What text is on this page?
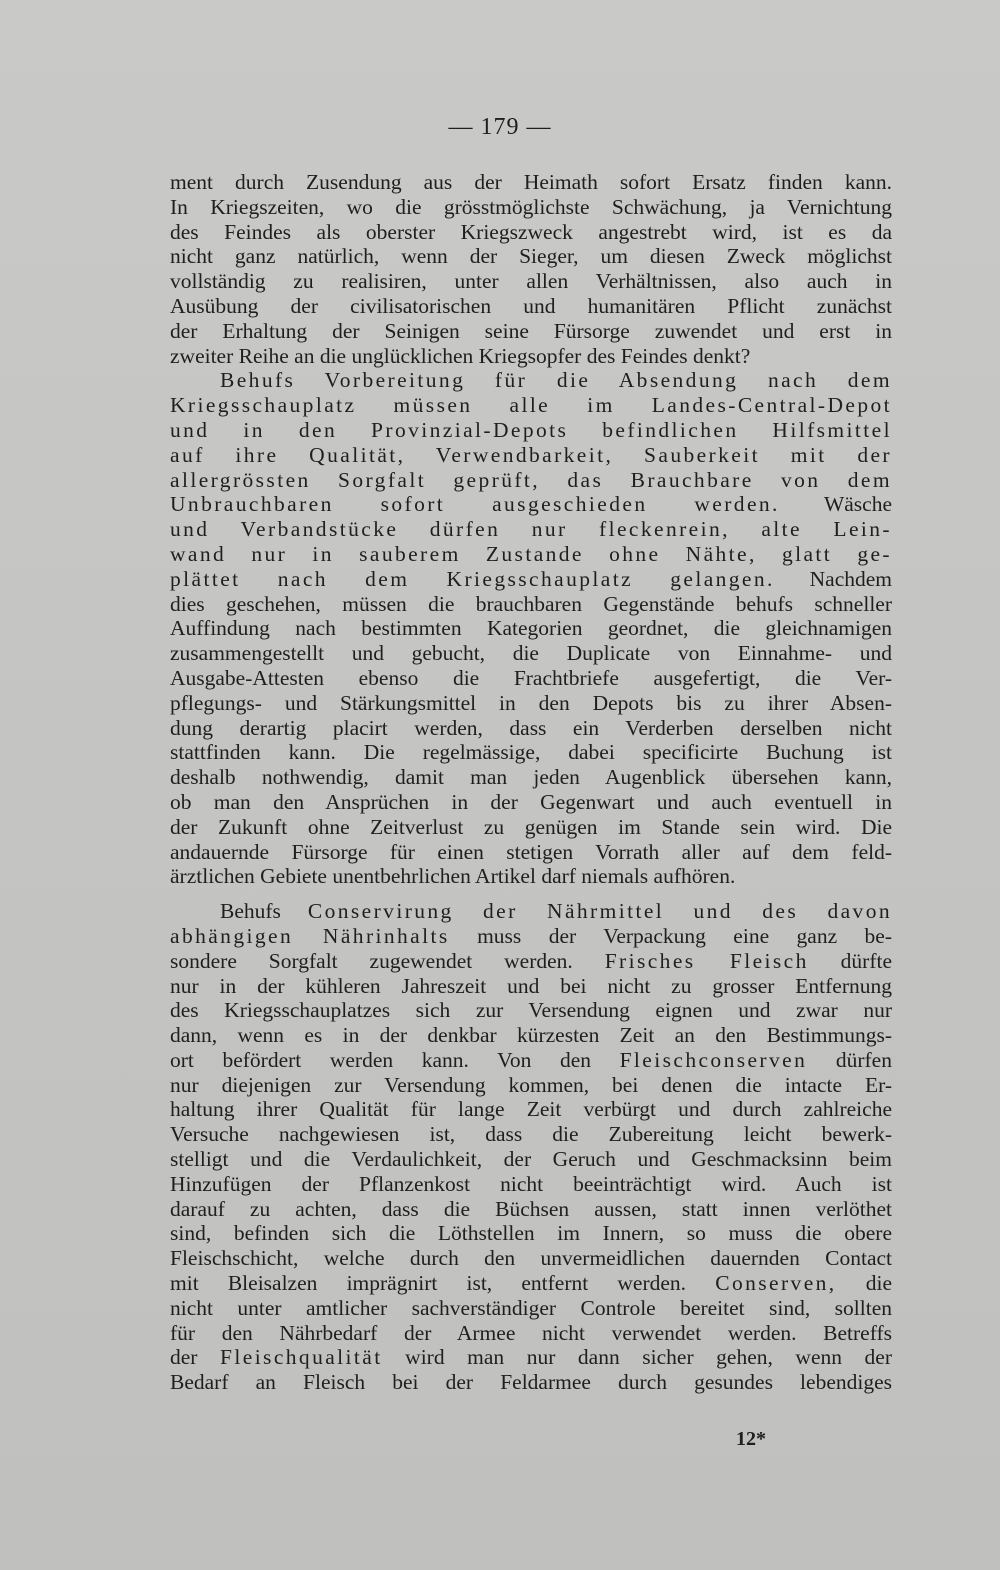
— 179 —
ment durch Zusendung aus der Heimath sofort Ersatz finden kann.
In Kriegszeiten, wo die grösstmöglichste Schwächung, ja Vernichtung
des Feindes als oberster Kriegszweck angestrebt wird, ist es da
nicht ganz natürlich, wenn der Sieger, um diesen Zweck möglichst
vollständig zu realisiren, unter allen Verhältnissen, also auch in
Ausübung der civilisatorischen und humanitären Pflicht zunächst
der Erhaltung der Seinigen seine Fürsorge zuwendet und erst in
zweiter Reihe an die unglücklichen Kriegsopfer des Feindes denkt?
Behufs Vorbereitung für die Absendung nach dem
Kriegsschauplatz müssen alle im Landes-Central-Depot
und in den Provinzial-Depots befindlichen Hilfsmittel
auf ihre Qualität, Verwendbarkeit, Sauberkeit mit der
allergrössten Sorgfalt geprüft, das Brauchbare von dem
Unbrauchbaren sofort ausgeschieden werden. Wäsche
und Verbandstücke dürfen nur fleckenrein, alte Lein-
wand nur in sauberem Zustande ohne Nähte, glatt ge-
plättet nach dem Kriegsschauplatz gelangen. Nachdem
dies geschehen, müssen die brauchbaren Gegenstände behufs schneller
Auffindung nach bestimmten Kategorien geordnet, die gleichnamigen
zusammengestellt und gebucht, die Duplicate von Einnahme- und
Ausgabe-Attesten ebenso die Frachtbriefe ausgefertigt, die Ver-
pflegungs- und Stärkungsmittel in den Depots bis zu ihrer Absen-
dung derartig placirt werden, dass ein Verderben derselben nicht
stattfinden kann. Die regelmässige, dabei specificirte Buchung ist
deshalb nothwendig, damit man jeden Augenblick übersehen kann,
ob man den Ansprüchen in der Gegenwart und auch eventuell in
der Zukunft ohne Zeitverlust zu genügen im Stande sein wird. Die
andauernde Fürsorge für einen stetigen Vorrath aller auf dem feld-
ärztlichen Gebiete unentbehrlichen Artikel darf niemals aufhören.
Behufs Conservirung der Nährmittel und des davon
abhängigen Nährinhalts muss der Verpackung eine ganz be-
sondere Sorgfalt zugewendet werden. Frisches Fleisch dürfte
nur in der kühleren Jahreszeit und bei nicht zu grosser Entfernung
des Kriegsschauplatzes sich zur Versendung eignen und zwar nur
dann, wenn es in der denkbar kürzesten Zeit an den Bestimmungs-
ort befördert werden kann. Von den Fleischconserven dürfen
nur diejenigen zur Versendung kommen, bei denen die intacte Er-
haltung ihrer Qualität für lange Zeit verbürgt und durch zahlreiche
Versuche nachgewiesen ist, dass die Zubereitung leicht bewerk-
stelligt und die Verdaulichkeit, der Geruch und Geschmacksinn beim
Hinzufügen der Pflanzenkost nicht beeinträchtigt wird. Auch ist
darauf zu achten, dass die Büchsen aussen, statt innen verlöthet
sind, befinden sich die Löthstellen im Innern, so muss die obere
Fleischschicht, welche durch den unvermeidlichen dauernden Contact
mit Bleisalzen imprägnirt ist, entfernt werden. Conserven, die
nicht unter amtlicher sachverständiger Controle bereitet sind, sollten
für den Nährbedarf der Armee nicht verwendet werden. Betreffs
der Fleischqualität wird man nur dann sicher gehen, wenn der
Bedarf an Fleisch bei der Feldarmee durch gesundes lebendiges
12*
